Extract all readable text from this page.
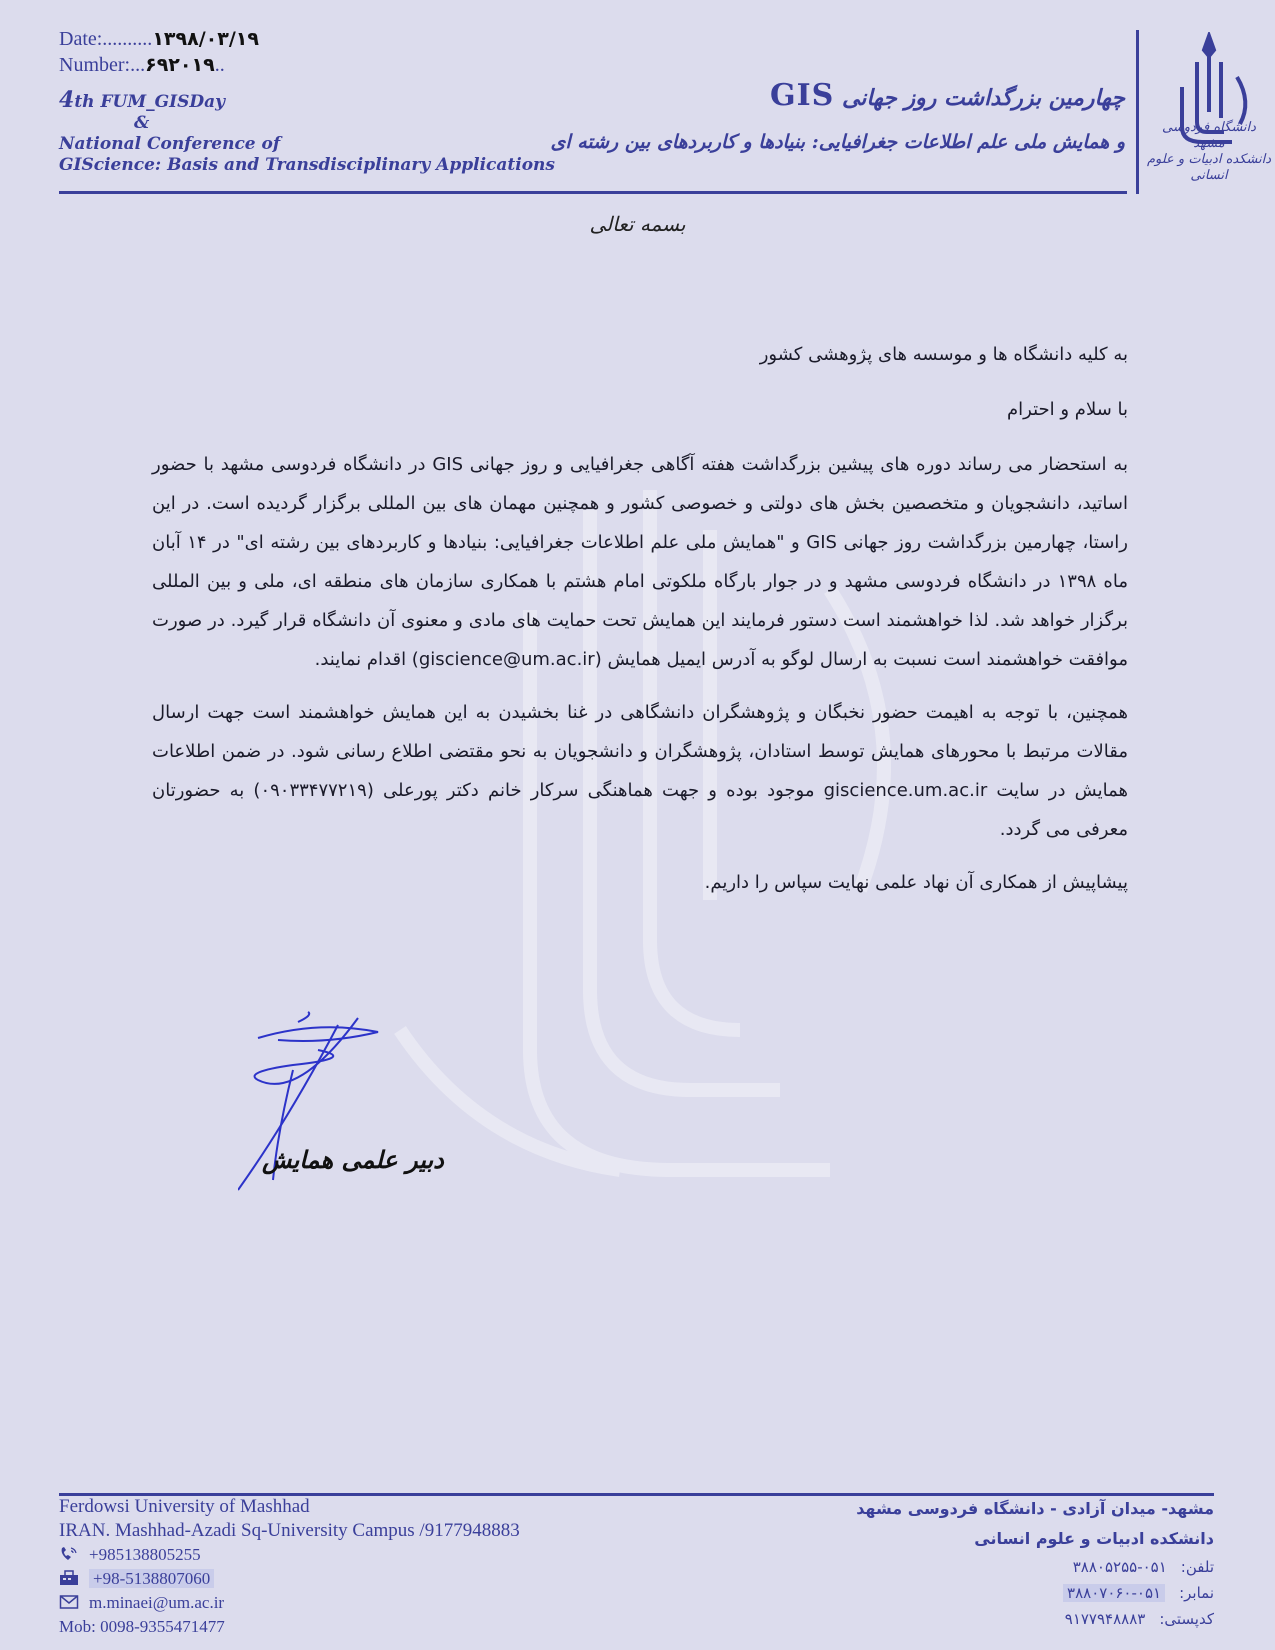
Date:..........۱۳۹۸/۰۳/۱۹
Number:...۶۹۲۰۱۹..
4th FUM_GISDay
&
National Conference of
GIScience: Basis and Transdisciplinary Applications
چهارمین بزرگداشت روز جهانی GIS
و همایش ملی علم اطلاعات جغرافیایی: بنیادها و کاربردهای بین رشته ای
دانشگاه فردوسی مشهد
دانشکده ادبیات و علوم انسانی
بسمه تعالی

به کلیه دانشگاه ها و موسسه های پژوهشی کشور

با سلام و احترام

به استحضار می رساند دوره های پیشین بزرگداشت هفته آگاهی جغرافیایی و روز جهانی GIS در دانشگاه فردوسی مشهد با حضور اساتید، دانشجویان و متخصصین بخش های دولتی و خصوصی کشور و همچنین مهمان های بین المللی برگزار گردیده است. در این راستا، چهارمین بزرگداشت روز جهانی GIS و "همایش ملی علم اطلاعات جغرافیایی: بنیادها و کاربردهای بین رشته ای" در ۱۴ آبان ماه ۱۳۹۸ در دانشگاه فردوسی مشهد و در جوار بارگاه ملکوتی امام هشتم با همکاری سازمان های منطقه ای، ملی و بین المللی برگزار خواهد شد. لذا خواهشمند است دستور فرمایند این همایش تحت حمایت های مادی و معنوی آن دانشگاه قرار گیرد. در صورت موافقت خواهشمند است نسبت به ارسال لوگو به آدرس ایمیل همایش (giscience@um.ac.ir) اقدام نمایند.

همچنین، با توجه به اهیمت حضور نخبگان و پژوهشگران دانشگاهی در غنا بخشیدن به این همایش خواهشمند است جهت ارسال مقالات مرتبط با محورهای همایش توسط استادان، پژوهشگران و دانشجویان به نحو مقتضی اطلاع رسانی شود. در ضمن اطلاعات همایش در سایت giscience.um.ac.ir موجود بوده و جهت هماهنگی سرکار خانم دکتر پورعلی (۰۹۰۳۳۴۷۷۲۱۹) به حضورتان معرفی می گردد.

پیشاپیش از همکاری آن نهاد علمی نهایت سپاس را داریم.

دبیر علمی همایش
Ferdowsi University of Mashhad
IRAN. Mashhad-Azadi Sq-University Campus /9177948883
+985138805255
+98-5138807060
m.minaei@um.ac.ir
Mob: 0098-9355471477
مشهد- میدان آزادی - دانشگاه فردوسی مشهد
دانشکده ادبیات و علوم انسانی
تلفن:۰۵۱-۳۸۸۰۵۲۵۵
نمابر:۰۵۱-۳۸۸۰۷۰۶۰
کدپستی:۹۱۷۷۹۴۸۸۸۳
